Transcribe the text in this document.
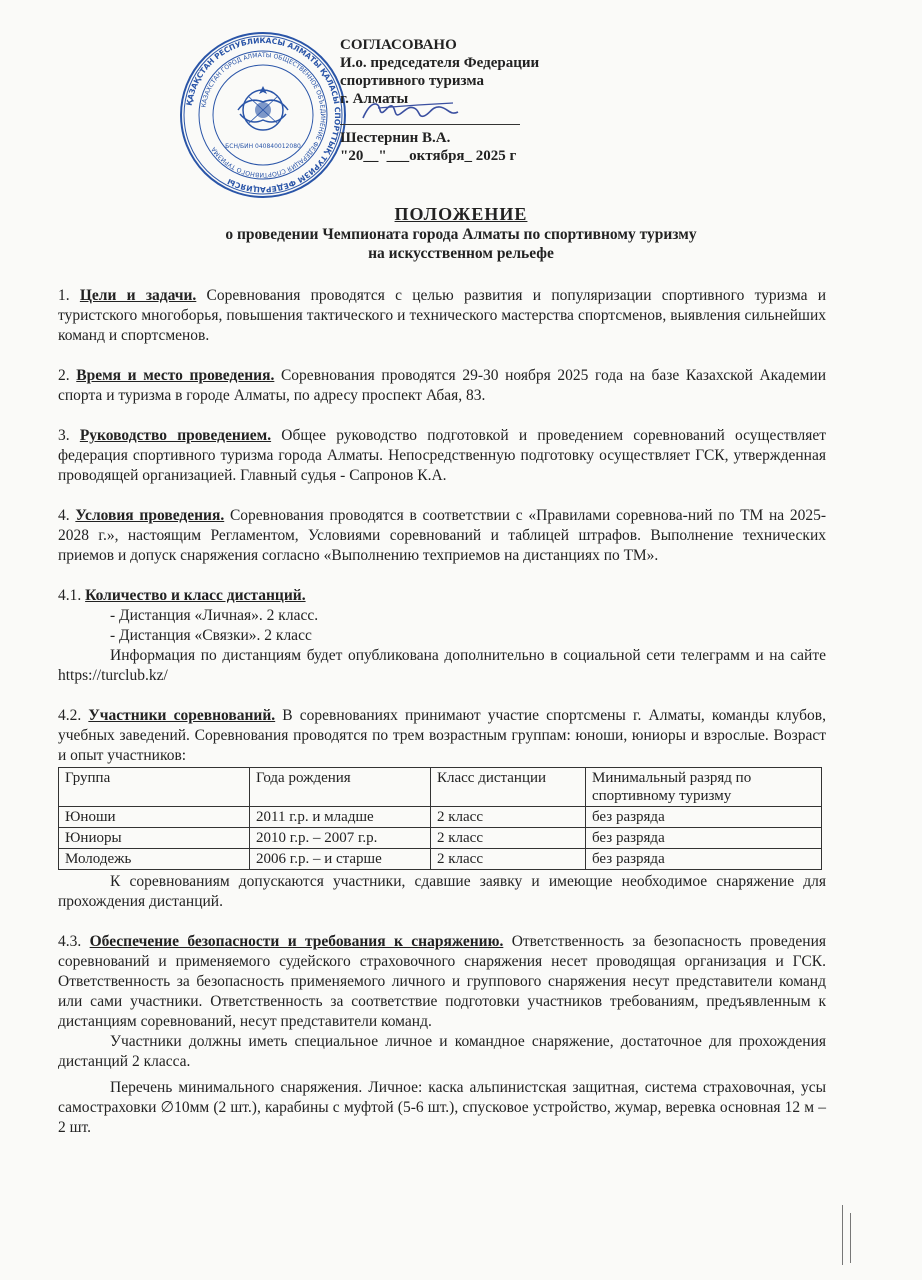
ҚАЗАҚСТАН РЕСПУБЛИКАСЫ АЛМАТЫ ҚАЛАСЫ СПОРТТЫҚ ТУРИЗМ ФЕДЕРАЦИЯСЫ
КАЗАХСТАН ГОРОД АЛМАТЫ ОБЩЕСТВЕННОЕ ОБЪЕДИНЕНИЕ ФЕДЕРАЦИЯ СПОРТИВНОГО ТУРИЗМА	БСН/БИН 040840012080
СОГЛАСОВАНО
И.о. председателя Федерации
спортивного туризма
г. Алматы
Шестернин В.А.
"20__"___октября_ 2025 г
ПОЛОЖЕНИЕ
о проведении Чемпионата города Алматы по спортивному туризму
на искусственном рельефе

1. Цели и задачи. Соревнования проводятся с целью развития и популяризации спортивного туризма и туристского многоборья, повышения тактического и технического мастерства спортсменов, выявления сильнейших команд и спортсменов.

2. Время и место проведения. Соревнования проводятся 29-30 ноября 2025 года на базе Казахской Академии спорта и туризма в городе Алматы, по адресу проспект Абая, 83.

3. Руководство проведением. Общее руководство подготовкой и проведением соревнований осуществляет федерация спортивного туризма города Алматы. Непосредственную подготовку осуществляет ГСК, утвержденная проводящей организацией. Главный судья - Сапронов К.А.

4. Условия проведения. Соревнования проводятся в соответствии с «Правилами соревнова-ний по ТМ на 2025-2028 г.», настоящим Регламентом, Условиями соревнований и таблицей штрафов. Выполнение технических приемов и допуск снаряжения согласно «Выполнению техприемов на дистанциях по ТМ».

4.1. Количество и класс дистанций.

- Дистанция «Личная». 2 класс.

- Дистанция «Связки». 2 класс

Информация по дистанциям будет опубликована дополнительно в социальной сети телеграмм и на сайте https://turclub.kz/

4.2. Участники соревнований. В соревнованиях принимают участие спортсмены г. Алматы, команды клубов, учебных заведений. Соревнования проводятся по трем возрастным группам: юноши, юниоры и взрослые. Возраст и опыт участников:

Группа	Года рождения	Класс дистанции	Минимальный разряд по спортивному туризму
Юноши	2011 г.р. и младше	2 класс	без разряда
Юниоры	2010 г.р. – 2007 г.р.	2 класс	без разряда
Молодежь	2006 г.р. – и старше	2 класс	без разряда

К соревнованиям допускаются участники, сдавшие заявку и имеющие необходимое снаряжение для прохождения дистанций.

4.3. Обеспечение безопасности и требования к снаряжению. Ответственность за безопасность проведения соревнований и применяемого судейского страховочного снаряжения несет проводящая организация и ГСК. Ответственность за безопасность применяемого личного и группового снаряжения несут представители команд или сами участники. Ответственность за соответствие подготовки участников требованиям, предъявленным к дистанциям соревнований, несут представители команд.

Участники должны иметь специальное личное и командное снаряжение, достаточное для прохождения дистанций 2 класса.

Перечень минимального снаряжения. Личное: каска альпинистская защитная, система страховочная, усы самостраховки ∅10мм (2 шт.), карабины с муфтой (5-6 шт.), спусковое устройство, жумар, веревка основная 12 м – 2 шт.
